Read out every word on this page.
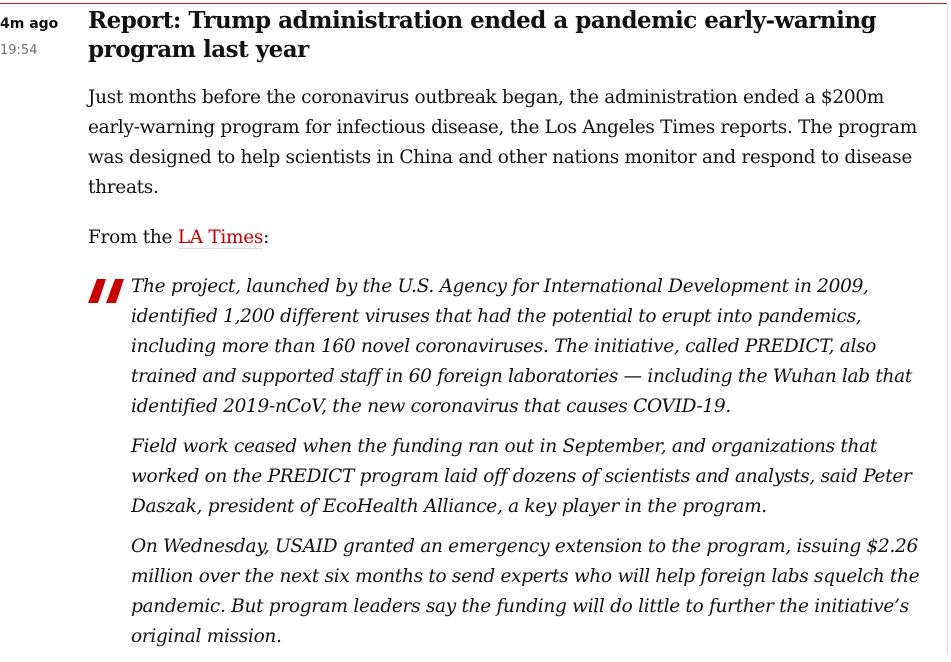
4m ago
19:54
Report: Trump administration ended a pandemic early-warning program last year

Just months before the coronavirus outbreak began, the administration ended a $200m early-warning program for infectious disease, the Los Angeles Times reports. The program was designed to help scientists in China and other nations monitor and respond to disease threats.

From the LA Times:

The project, launched by the U.S. Agency for International Development in 2009, identified 1,200 different viruses that had the potential to erupt into pandemics, including more than 160 novel coronaviruses. The initiative, called PREDICT, also trained and supported staff in 60 foreign laboratories — including the Wuhan lab that identified 2019-nCoV, the new coronavirus that causes COVID-19.

Field work ceased when the funding ran out in September, and organizations that worked on the PREDICT program laid off dozens of scientists and analysts, said Peter Daszak, president of EcoHealth Alliance, a key player in the program.

On Wednesday, USAID granted an emergency extension to the program, issuing $2.26 million over the next six months to send experts who will help foreign labs squelch the pandemic. But program leaders say the funding will do little to further the initiative’s original mission.
